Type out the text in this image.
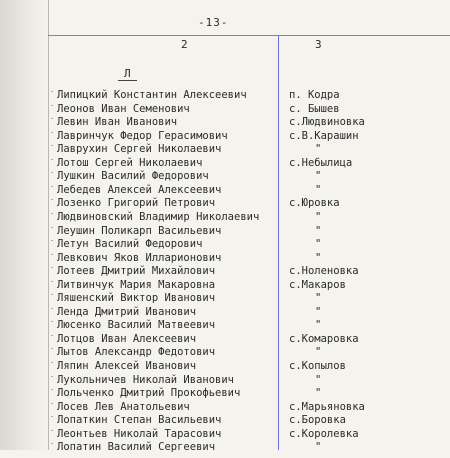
-13-
2	3
Л
· Липицкий Константин Алексеевич	п. Кодра
· Леонов Иван Семенович	с. Бышев
· Левин Иван Иванович	с.Людвиновка
· Лавринчук Федор Герасимович	с.В.Карашин
· Лаврухин Сергей Николаевич	"
· Лотош Сергей Николаевич	с.Небылица
· Лушкин Василий Федорович	"
· Лебедев Алексей Алексеевич	"
· Лозенко Григорий Петрович	с.Юровка
· Людвиновский Владимир Николаевич	"
· Леушин Поликарп Васильевич	"
· Летун Василий Федорович	"
· Левкович Яков Илларионович	"
· Лотеев Дмитрий Михайлович	с.Ноленовка
· Литвинчук Мария Макаровна	с.Макаров
· Ляшенский Виктор Иванович	"
· Ленда Дмитрий Иванович	"
· Люсенко Василий Матвеевич	"
· Лотцов Иван Алексеевич	с.Комаровка
· Лытов Александр Федотович	"
· Ляпин Алексей Иванович	с.Копылов
· Лукольничев Николай Иванович	"
· Лольченко Дмитрий Прокофьевич	"
· Лосев Лев Анатольевич	с.Марьяновка
· Лопаткин Степан Васильевич	с.Боровка
· Леонтьев Николай Тарасович	с.Королевка
· Лопатин Василий Сергеевич	"
